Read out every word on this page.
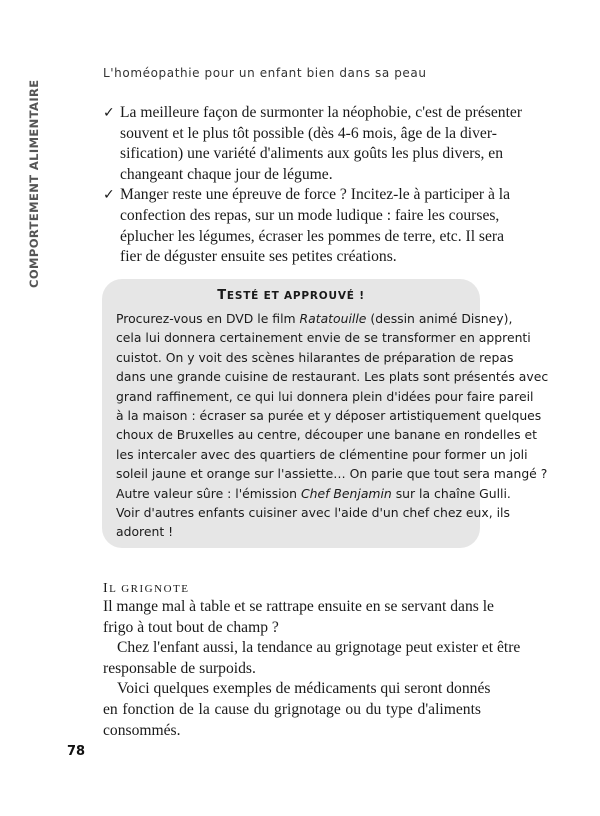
L'homéopathie pour un enfant bien dans sa peau
COMPORTEMENT ALIMENTAIRE	✓ La meilleure façon de surmonter la néophobie, c'est de présenter
souvent et le plus tôt possible (dès 4-6 mois, âge de la diver-
sification) une variété d'aliments aux goûts les plus divers, en
changeant chaque jour de légume.
✓ Manger reste une épreuve de force ? Incitez-le à participer à la
confection des repas, sur un mode ludique : faire les courses,
éplucher les légumes, écraser les pommes de terre, etc. Il sera
fier de déguster ensuite ses petites créations.
TESTÉ ET APPROUVÉ !
Procurez-vous en DVD le film Ratatouille (dessin animé Disney),
cela lui donnera certainement envie de se transformer en apprenti
cuistot. On y voit des scènes hilarantes de préparation de repas
dans une grande cuisine de restaurant. Les plats sont présentés avec
grand raffinement, ce qui lui donnera plein d'idées pour faire pareil
à la maison : écraser sa purée et y déposer artistiquement quelques
choux de Bruxelles au centre, découper une banane en rondelles et
les intercaler avec des quartiers de clémentine pour former un joli
soleil jaune et orange sur l'assiette… On parie que tout sera mangé ?
Autre valeur sûre : l'émission Chef Benjamin sur la chaîne Gulli.
Voir d'autres enfants cuisiner avec l'aide d'un chef chez eux, ils
adorent !
IL GRIGNOTE
Il mange mal à table et se rattrape ensuite en se servant dans le
frigo à tout bout de champ ?
Chez l'enfant aussi, la tendance au grignotage peut exister et être
responsable de surpoids.
Voici quelques exemples de médicaments qui seront donnés
en fonction de la cause du grignotage ou du type d'aliments
consommés.
78
